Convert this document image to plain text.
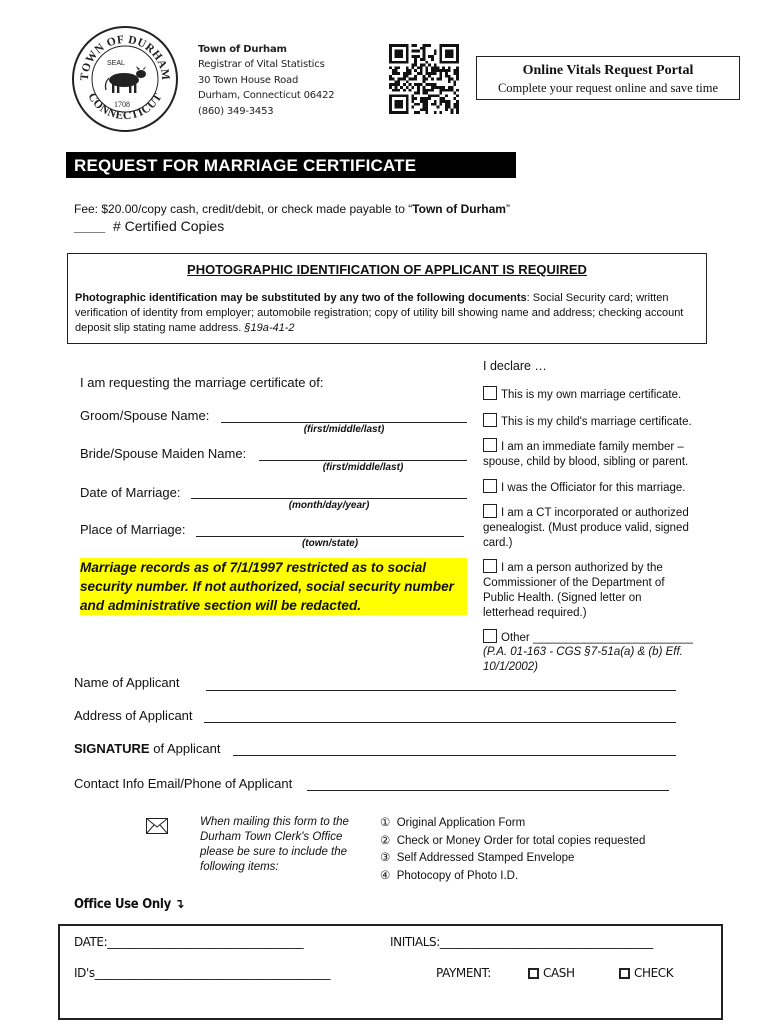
TOWN OF DURHAM
CONNECTICUT
SEAL
1708
Town of Durham
Registrar of Vital Statistics
30 Town House Road
Durham, Connecticut 06422
(860) 349-3453
Online Vitals Request Portal
Complete your request online and save time
REQUEST FOR MARRIAGE CERTIFICATE
Fee: $20.00/copy cash, credit/debit, or check made payable to “Town of Durham”
____ # Certified Copies
PHOTOGRAPHIC IDENTIFICATION OF APPLICANT IS REQUIRED
Photographic identification may be substituted by any two of the following documents: Social Security card; written verification of identity from employer; automobile registration; copy of utility bill showing name and address; checking account deposit slip stating name address. §19a-41-2
I am requesting the marriage certificate of:
Groom/Spouse Name:
(first/middle/last)
Bride/Spouse Maiden Name:
(first/middle/last)
Date of Marriage:
(month/day/year)
Place of Marriage:
(town/state)
Marriage records as of 7/1/1997 restricted as to social security number. If not authorized, social security number and administrative section will be redacted.
I declare …
This is my own marriage certificate.
This is my child's marriage certificate.
I am an immediate family member – spouse, child by blood, sibling or parent.
I was the Officiator for this marriage.
I am a CT incorporated or authorized genealogist. (Must produce valid, signed card.)
I am a person authorized by the Commissioner of the Department of Public Health. (Signed letter on letterhead required.)
Other _________________________
(P.A. 01-163 - CGS §7-51a(a) & (b) Eff. 10/1/2002)
Name of Applicant
Address of Applicant
SIGNATURE of Applicant
Contact Info Email/Phone of Applicant
When mailing this form to the Durham Town Clerk's Office please be sure to include the following items:
① Original Application Form
② Check or Money Order for total copies requested
③ Self Addressed Stamped Envelope
④ Photocopy of Photo I.D.
Office Use Only ↴
DATE:___________________________________	INITIALS:______________________________________
ID's__________________________________________	PAYMENT:	CASH	CHECK
